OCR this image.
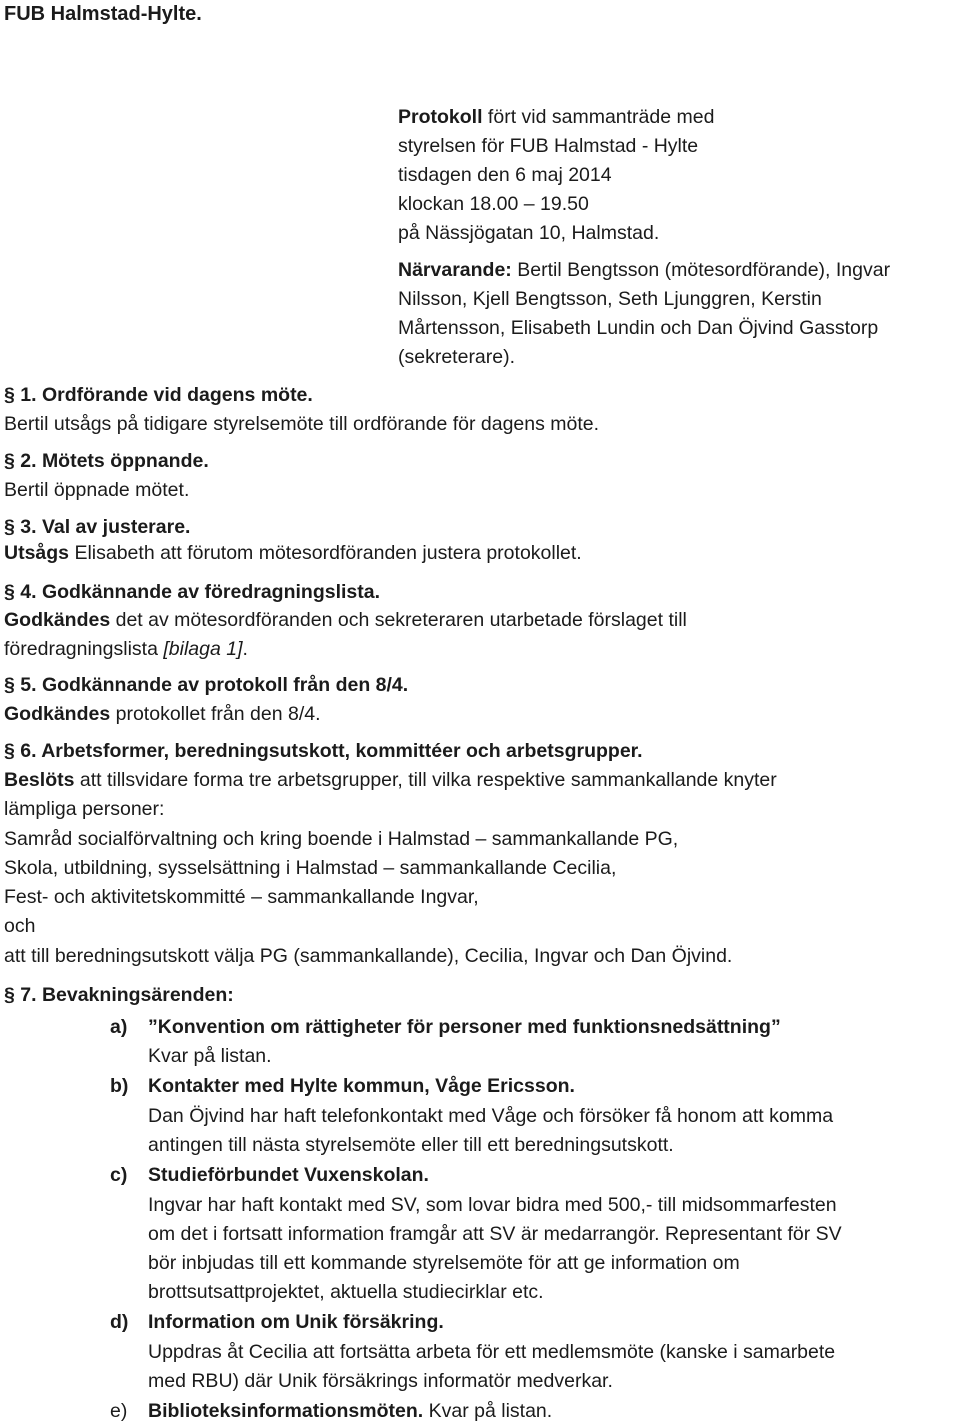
FUB Halmstad-Hylte.
Protokoll fört vid sammanträde med
styrelsen för FUB Halmstad - Hylte
tisdagen den 6 maj 2014
klockan 18.00 – 19.50
på Nässjögatan 10, Halmstad.
Närvarande: Bertil Bengtsson (mötesordförande), Ingvar
Nilsson, Kjell Bengtsson, Seth Ljunggren, Kerstin
Mårtensson, Elisabeth Lundin och Dan Öjvind Gasstorp
(sekreterare).
§ 1. Ordförande vid dagens möte.
Bertil utsågs på tidigare styrelsemöte till ordförande för dagens möte.
§ 2. Mötets öppnande.
Bertil öppnade mötet.
§ 3. Val av justerare.
Utsågs Elisabeth att förutom mötesordföranden justera protokollet.
§ 4. Godkännande av föredragningslista.
Godkändes det av mötesordföranden och sekreteraren utarbetade förslaget till
föredragningslista [bilaga 1].
§ 5. Godkännande av protokoll från den 8/4.
Godkändes protokollet från den 8/4.
§ 6. Arbetsformer, beredningsutskott, kommittéer och arbetsgrupper.
Beslöts att tillsvidare forma tre arbetsgrupper, till vilka respektive sammankallande knyter
lämpliga personer:
Samråd socialförvaltning och kring boende i Halmstad – sammankallande PG,
Skola, utbildning, sysselsättning i Halmstad – sammankallande Cecilia,
Fest- och aktivitetskommitté – sammankallande Ingvar,
och
att till beredningsutskott välja PG (sammankallande), Cecilia, Ingvar och Dan Öjvind.
§ 7. Bevakningsärenden:
a) ”Konvention om rättigheter för personer med funktionsnedsättning”
Kvar på listan.
b) Kontakter med Hylte kommun, Våge Ericsson.
Dan Öjvind har haft telefonkontakt med Våge och försöker få honom att komma
antingen till nästa styrelsemöte eller till ett beredningsutskott.
c) Studieförbundet Vuxenskolan.
Ingvar har haft kontakt med SV, som lovar bidra med 500,- till midsommarfesten
om det i fortsatt information framgår att SV är medarrangör. Representant för SV
bör inbjudas till ett kommande styrelsemöte för att ge information om
brottsutsattprojektet, aktuella studiecirklar etc.
d) Information om Unik försäkring.
Uppdras åt Cecilia att fortsätta arbeta för ett medlemsmöte (kanske i samarbete
med RBU) där Unik försäkrings informatör medverkar.
e) Biblioteksinformationsmöten. Kvar på listan.
